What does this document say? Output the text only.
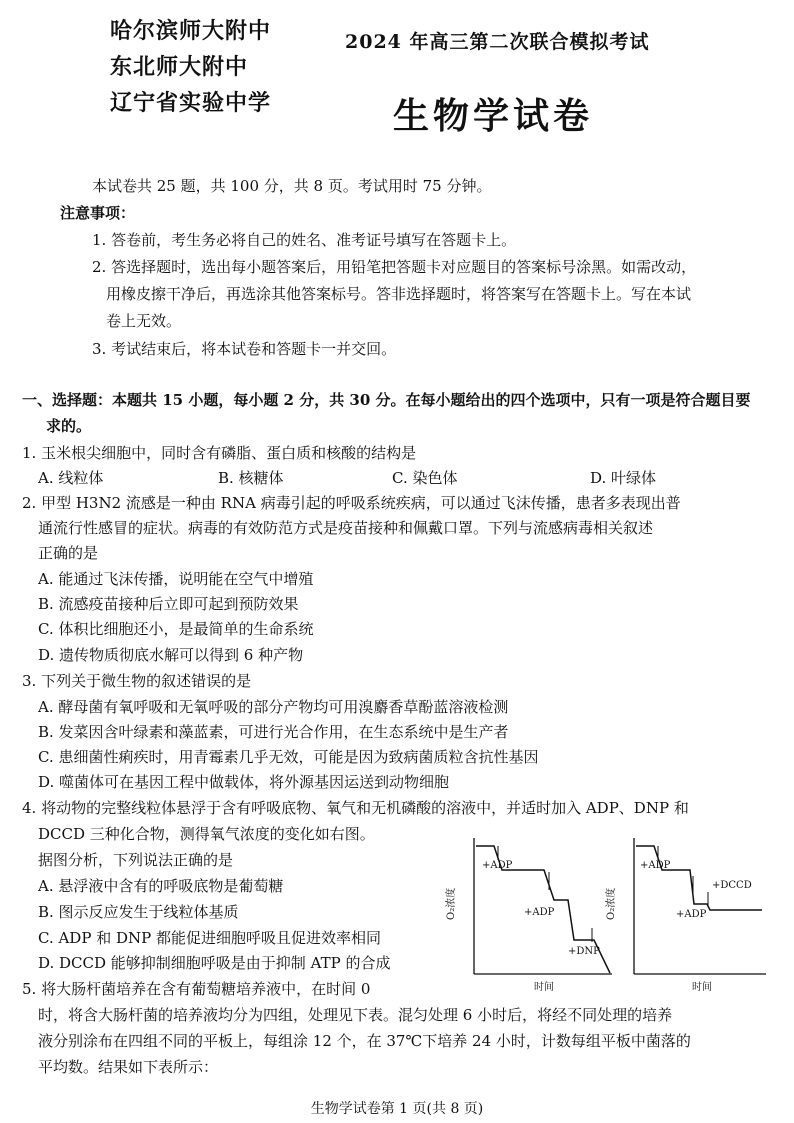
哈尔滨师大附中
东北师大附中
辽宁省实验中学
2024 年高三第二次联合模拟考试
生物学试卷
本试卷共 25 题，共 100 分，共 8 页。考试用时 75 分钟。
注意事项：
1. 答卷前，考生务必将自己的姓名、准考证号填写在答题卡上。
2. 答选择题时，选出每小题答案后，用铅笔把答题卡对应题目的答案标号涂黑。如需改动，
用橡皮擦干净后，再选涂其他答案标号。答非选择题时，将答案写在答题卡上。写在本试
卷上无效。
3. 考试结束后，将本试卷和答题卡一并交回。
一、选择题：本题共 15 小题，每小题 2 分，共 30 分。在每小题给出的四个选项中，只有一项是符合题目要
求的。
1. 玉米根尖细胞中，同时含有磷脂、蛋白质和核酸的结构是
A. 线粒体	B. 核糖体	C. 染色体	D. 叶绿体
2. 甲型 H3N2 流感是一种由 RNA 病毒引起的呼吸系统疾病，可以通过飞沫传播，患者多表现出普
通流行性感冒的症状。病毒的有效防范方式是疫苗接种和佩戴口罩。下列与流感病毒相关叙述
正确的是
A. 能通过飞沫传播，说明能在空气中增殖
B. 流感疫苗接种后立即可起到预防效果
C. 体积比细胞还小，是最简单的生命系统
D. 遗传物质彻底水解可以得到 6 种产物
3. 下列关于微生物的叙述错误的是
A. 酵母菌有氧呼吸和无氧呼吸的部分产物均可用溴麝香草酚蓝溶液检测
B. 发菜因含叶绿素和藻蓝素，可进行光合作用，在生态系统中是生产者
C. 患细菌性痢疾时，用青霉素几乎无效，可能是因为致病菌质粒含抗性基因
D. 噬菌体可在基因工程中做载体，将外源基因运送到动物细胞
4. 将动物的完整线粒体悬浮于含有呼吸底物、氧气和无机磷酸的溶液中，并适时加入 ADP、DNP 和
DCCD 三种化合物，测得氧气浓度的变化如右图。
据图分析，下列说法正确的是
A. 悬浮液中含有的呼吸底物是葡萄糖
B. 图示反应发生于线粒体基质
C. ADP 和 DNP 都能促进细胞呼吸且促进效率相同
D. DCCD 能够抑制细胞呼吸是由于抑制 ATP 的合成
O₂浓度
+ADP
+ADP
+DNP
时间
O₂浓度
+ADP
+DCCD
+ADP
时间
5. 将大肠杆菌培养在含有葡萄糖培养液中，在时间 0
时，将含大肠杆菌的培养液均分为四组，处理见下表。混匀处理 6 小时后，将经不同处理的培养
液分别涂布在四组不同的平板上，每组涂 12 个，在 37℃下培养 24 小时，计数每组平板中菌落的
平均数。结果如下表所示：
生物学试卷第 1 页(共 8 页)
